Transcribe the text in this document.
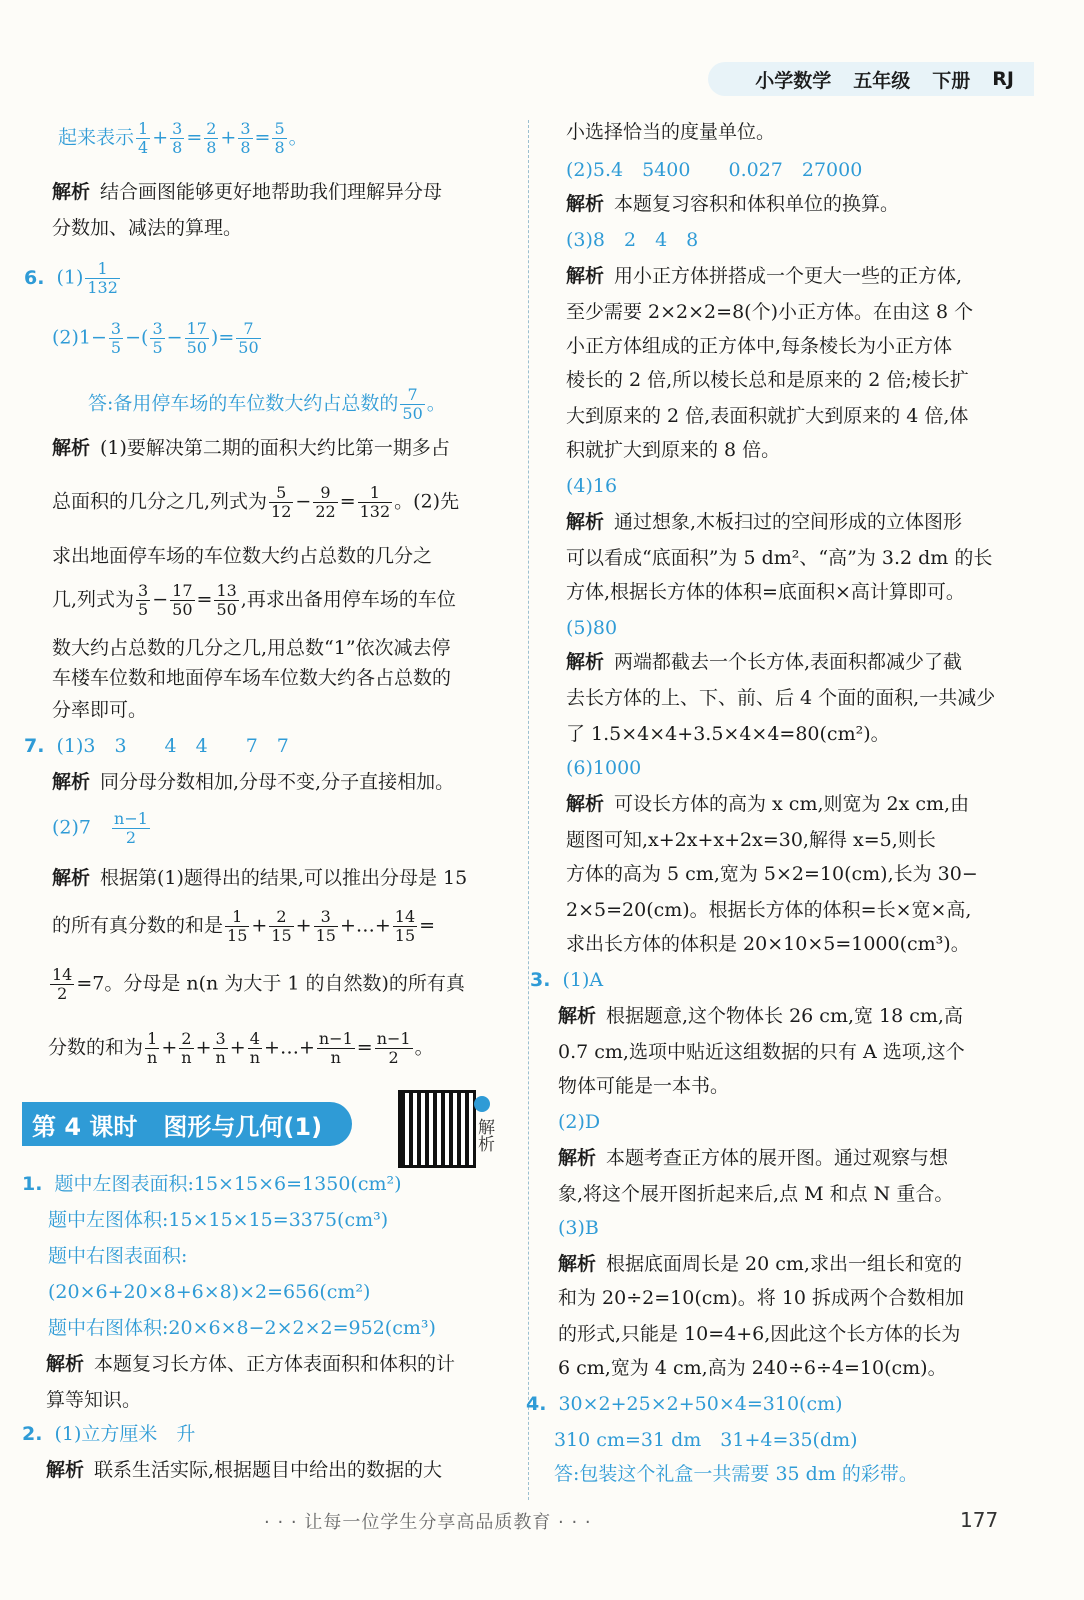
小学数学 五年级 下册 RJ
起来表示 $\frac{1}{4} + \frac{3}{8} = \frac{2}{8} + \frac{3}{8} = \frac{5}{8}$ 。
解析 结合画图能够更好地帮助我们理解异分母
分数加、减法的算理。
6. $(1) \frac{1}{132}$
$(2)1- \frac{3}{5}$ −( $\frac{3}{5} - \frac{17}{50}$ )= $\frac{7}{50}$
答:备用停车场的车位数大约占总数的 $\frac{7}{50}$ 。
解析 (1)要解决第二期的面积大约比第一期多占
总面积的几分之几,列式为 $\frac{5}{12} - \frac{9}{22} = \frac{1}{132}$ 。(2)先
求出地面停车场的车位数大约占总数的几分之
几,列式为 $\frac{3}{5} - \frac{17}{50} = \frac{13}{50}$ ,再求出备用停车场的车位
数大约占总数的几分之几,用总数“1”依次减去停
车楼车位数和地面停车场车位数大约各占总数的
分率即可。
7. (1)3　3　　4　4　　7　7
解析 同分母分数相加,分母不变,分子直接相加。
(2)7　 $\frac{n-1}{2}$
解析 根据第(1)题得出的结果,可以推出分母是 15
的所有真分数的和是 $\frac{1}{15} + \frac{2}{15} + \frac{3}{15}$ +…+ $\frac{14}{15}$ =
$\frac{14}{2} =7$。分母是 n(n 为大于 1 的自然数)的所有真
分数的和为 $\frac{1}{n} + \frac{2}{n} + \frac{3}{n} + \frac{4}{n}$ +…+ $\frac{n-1}{n} = \frac{n-1}{2}$ 。
1. 题中左图表面积:15×15×6=1350(cm²)
题中左图体积:15×15×15=3375(cm³)
题中右图表面积:
(20×6+20×8+6×8)×2=656(cm²)
题中右图体积:20×6×8−2×2×2=952(cm³)
解析 本题复习长方体、正方体表面积和体积的计
算等知识。
2. (1)立方厘米　升
解析 联系生活实际,根据题目中给出的数据的大
第 4 课时 图形与几何(1)	解析
小选择恰当的度量单位。
(2)5.4　5400　　0.027　27000
解析 本题复习容积和体积单位的换算。
(3)8　2　4　8
解析 用小正方体拼搭成一个更大一些的正方体,
至少需要 2×2×2=8(个)小正方体。在由这 8 个
小正方体组成的正方体中,每条棱长为小正方体
棱长的 2 倍,所以棱长总和是原来的 2 倍;棱长扩
大到原来的 2 倍,表面积就扩大到原来的 4 倍,体
积就扩大到原来的 8 倍。
(4)16
解析 通过想象,木板扫过的空间形成的立体图形
可以看成“底面积”为 5 dm²、“高”为 3.2 dm 的长
方体,根据长方体的体积=底面积×高计算即可。
(5)80
解析 两端都截去一个长方体,表面积都减少了截
去长方体的上、下、前、后 4 个面的面积,一共减少
了 1.5×4×4+3.5×4×4=80(cm²)。
(6)1000
解析 可设长方体的高为 x cm,则宽为 2x cm,由
题图可知,x+2x+x+2x=30,解得 x=5,则长
方体的高为 5 cm,宽为 5×2=10(cm),长为 30−
2×5=20(cm)。根据长方体的体积=长×宽×高,
求出长方体的体积是 20×10×5=1000(cm³)。
3. (1)A
解析 根据题意,这个物体长 26 cm,宽 18 cm,高
0.7 cm,选项中贴近这组数据的只有 A 选项,这个
物体可能是一本书。
(2)D
解析 本题考查正方体的展开图。通过观察与想
象,将这个展开图折起来后,点 M 和点 N 重合。
(3)B
解析 根据底面周长是 20 cm,求出一组长和宽的
和为 20÷2=10(cm)。将 10 拆成两个合数相加
的形式,只能是 10=4+6,因此这个长方体的长为
6 cm,宽为 4 cm,高为 240÷6÷4=10(cm)。
4. 30×2+25×2+50×4=310(cm)
310 cm=31 dm　31+4=35(dm)
答:包装这个礼盒一共需要 35 dm 的彩带。
· · · 让每一位学生分享高品质教育 · · ·	177
